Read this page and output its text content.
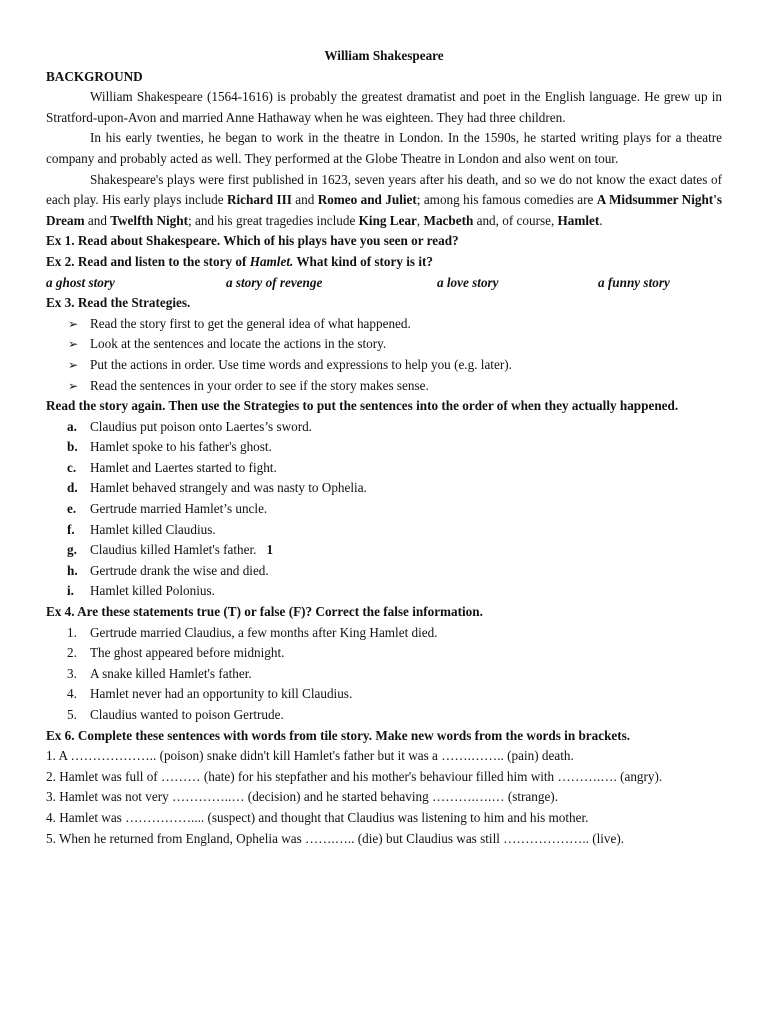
William Shakespeare

BACKGROUND

William Shakespeare (1564-1616) is probably the greatest dramatist and poet in the English language. He grew up in Stratford-upon-Avon and married Anne Hathaway when he was eighteen. They had three children.

In his early twenties, he began to work in the theatre in London. In the 1590s, he started writing plays for a theatre company and probably acted as well. They performed at the Globe Theatre in London and also went on tour.

Shakespeare's plays were first published in 1623, seven years after his death, and so we do not know the exact dates of each play. His early plays include Richard III and Romeo and Juliet; among his famous comedies are A Midsummer Night's Dream and Twelfth Night; and his great tragedies include King Lear, Macbeth and, of course, Hamlet.

Ex 1. Read about Shakespeare. Which of his plays have you seen or read?

Ex 2. Read and listen to the story of Hamlet. What kind of story is it?

a ghost story	a story of revenge	a love story	a funny story

Ex 3. Read the Strategies.

➢ Read the story first to get the general idea of what happened.
➢ Look at the sentences and locate the actions in the story.
➢ Put the actions in order. Use time words and expressions to help you (e.g. later).
➢ Read the sentences in your order to see if the story makes sense.

Read the story again. Then use the Strategies to put the sentences into the order of when they actually happened.

a. Claudius put poison onto Laertes’s sword.
b. Hamlet spoke to his father's ghost.
c.	Hamlet and Laertes started to fight.
d. Hamlet behaved strangely and was nasty to Ophelia.
e.	Gertrude married Hamlet’s uncle.
f.	Hamlet killed Claudius.
g. Claudius killed Hamlet's father. 1
h. Gertrude drank the wise and died.
i.	Hamlet killed Polonius.

Ex 4. Are these statements true (T) or false (F)? Correct the false information.

1. Gertrude married Claudius, a few months after King Hamlet died.
2. The ghost appeared before midnight.
3. A snake killed Hamlet's father.
4. Hamlet never had an opportunity to kill Claudius.
5. Claudius wanted to poison Gertrude.

Ex 6. Complete these sentences with words from tile story. Make new words from the words in brackets.

1. A ……………….. (poison) snake didn't kill Hamlet's father but it was a …….…….. (pain) death.

2. Hamlet was full of ……… (hate) for his stepfather and his mother's behaviour filled him with ……….…. (angry).

3. Hamlet was not very …………..… (decision) and he started behaving ……….….… (strange).

4. Hamlet was …………….... (suspect) and thought that Claudius was listening to him and his mother.

5. When he returned from England, Ophelia was …….….. (die) but Claudius was still ……………….. (live).
